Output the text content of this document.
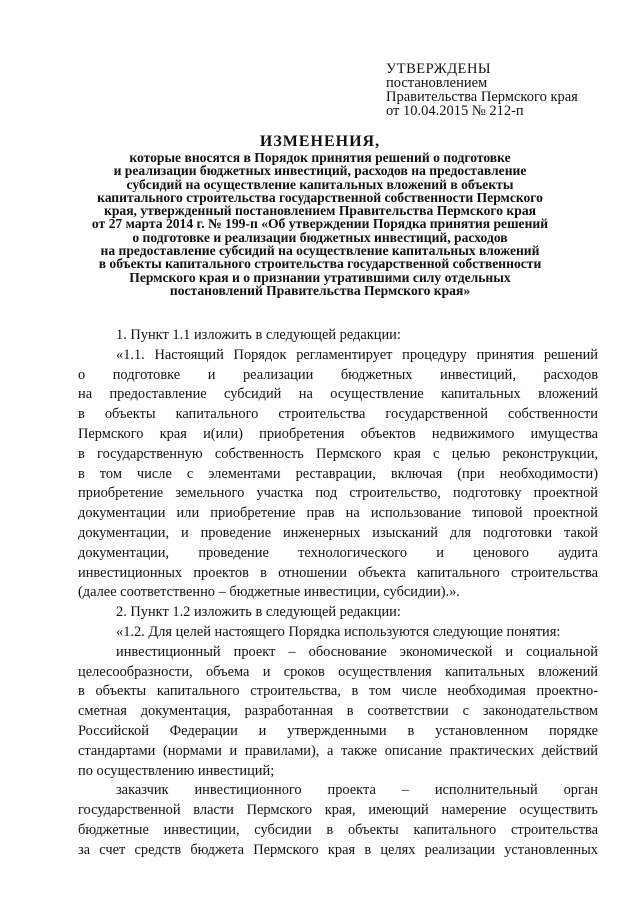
УТВЕРЖДЕНЫ
постановлением
Правительства Пермского края
от 10.04.2015 № 212-п
ИЗМЕНЕНИЯ,
которые вносятся в Порядок принятия решений о подготовке
и реализации бюджетных инвестиций, расходов на предоставление
субсидий на осуществление капитальных вложений в объекты
капитального строительства государственной собственности Пермского
края, утвержденный постановлением Правительства Пермского края
от 27 марта 2014 г. № 199-п «Об утверждении Порядка принятия решений
о подготовке и реализации бюджетных инвестиций, расходов
на предоставление субсидий на осуществление капитальных вложений
в объекты капитального строительства государственной собственности
Пермского края и о признании утратившими силу отдельных
постановлений Правительства Пермского края»
1. Пункт 1.1 изложить в следующей редакции:
«1.1. Настоящий Порядок регламентирует процедуру принятия решений
о подготовке и реализации бюджетных инвестиций, расходов
на предоставление субсидий на осуществление капитальных вложений
в объекты капитального строительства государственной собственности
Пермского края и(или) приобретения объектов недвижимого имущества
в государственную собственность Пермского края с целью реконструкции,
в том числе с элементами реставрации, включая (при необходимости)
приобретение земельного участка под строительство, подготовку проектной
документации или приобретение прав на использование типовой проектной
документации, и проведение инженерных изысканий для подготовки такой
документации, проведение технологического и ценового аудита
инвестиционных проектов в отношении объекта капитального строительства
(далее соответственно – бюджетные инвестиции, субсидии).».
2. Пункт 1.2 изложить в следующей редакции:
«1.2. Для целей настоящего Порядка используются следующие понятия:
инвестиционный проект – обоснование экономической и социальной
целесообразности, объема и сроков осуществления капитальных вложений
в объекты капитального строительства, в том числе необходимая проектно-
сметная документация, разработанная в соответствии с законодательством
Российской Федерации и утвержденными в установленном порядке
стандартами (нормами и правилами), а также описание практических действий
по осуществлению инвестиций;
заказчик инвестиционного проекта – исполнительный орган
государственной власти Пермского края, имеющий намерение осуществить
бюджетные инвестиции, субсидии в объекты капитального строительства
за счет средств бюджета Пермского края в целях реализации установленных
